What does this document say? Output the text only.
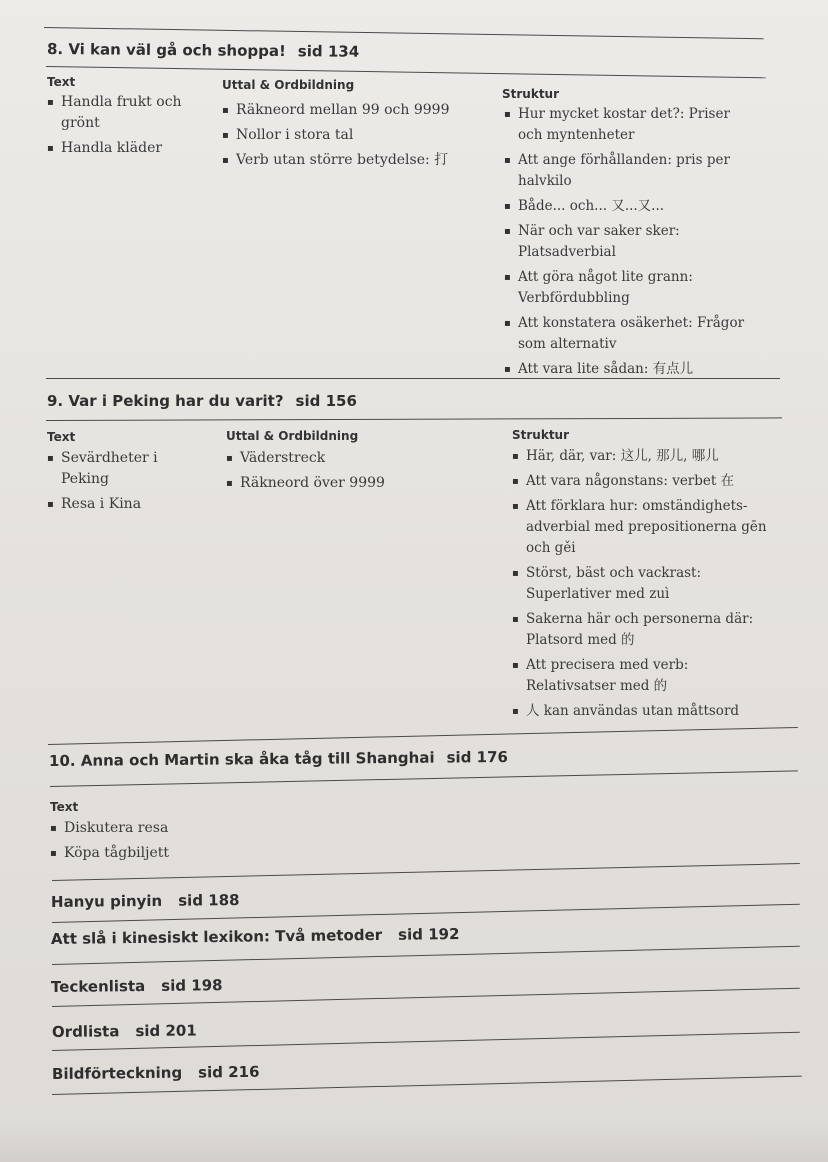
8. Vi kan väl gå och shoppa! sid 134
Text
▪ Handla frukt och grönt
▪ Handla kläder
Uttal & Ordbildning
▪ Räkneord mellan 99 och 9999
▪ Nollor i stora tal
▪ Verb utan större betydelse: 打
Struktur
▪ Hur mycket kostar det?: Priser och myntenheter
▪ Att ange förhållanden: pris per halvkilo
▪ Både... och... 又...又...
▪ När och var saker sker: Platsadverbial
▪ Att göra något lite grann: Verbfördubbling
▪ Att konstatera osäkerhet: Frågor som alternativ
▪ Att vara lite sådan: 有点儿
9. Var i Peking har du varit? sid 156
Text
▪ Sevärdheter i Peking
▪ Resa i Kina
Uttal & Ordbildning
▪ Väderstreck
▪ Räkneord över 9999
Struktur
▪ Här, där, var: 这儿, 那儿, 哪儿
▪ Att vara någonstans: verbet 在
▪ Att förklara hur: omständighets-adverbial med prepositionerna gēn och gěi
▪ Störst, bäst och vackrast: Superlativer med zuì
▪ Sakerna här och personerna där: Platsord med 的
▪ Att precisera med verb: Relativsatser med 的
▪ 人 kan användas utan måttsord
10. Anna och Martin ska åka tåg till Shanghai sid 176
Text
▪ Diskutera resa
▪ Köpa tågbiljett
Hanyu pinyin sid 188
Att slå i kinesiskt lexikon: Två metoder sid 192
Teckenlista sid 198
Ordlista sid 201
Bildförteckning sid 216
